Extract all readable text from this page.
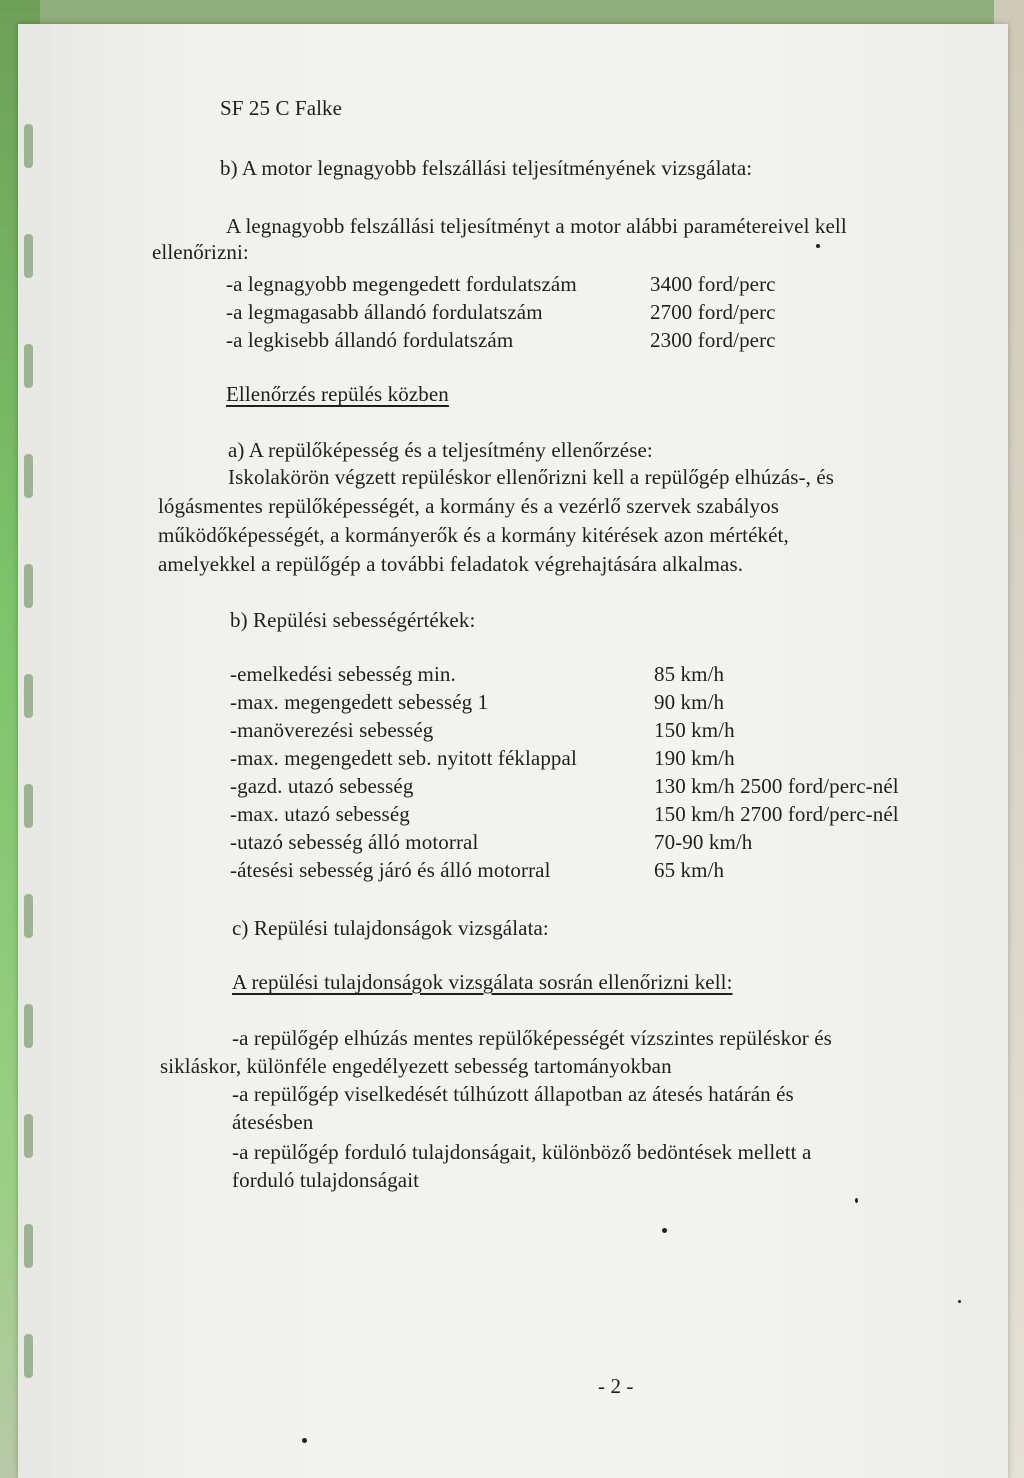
SF 25 C Falke
b) A motor legnagyobb felszállási teljesítményének vizsgálata:
A legnagyobb felszállási teljesítményt a motor alábbi paramétereivel kell
ellenőrizni:
-a legnagyobb megengedett fordulatszám	3400 ford/perc
-a legmagasabb állandó fordulatszám	2700 ford/perc
-a legkisebb állandó fordulatszám	2300 ford/perc
Ellenőrzés repülés közben
a) A repülőképesség és a teljesítmény ellenőrzése:
Iskolakörön végzett repüléskor ellenőrizni kell a repülőgép elhúzás-, és
lógásmentes repülőképességét, a kormány és a vezérlő szervek szabályos
működőképességét, a kormányerők és a kormány kitérések azon mértékét,
amelyekkel a repülőgép a további feladatok végrehajtására alkalmas.
b) Repülési sebességértékek:
-emelkedési sebesség min.	85 km/h
-max. megengedett sebesség 1	90 km/h
-manöverezési sebesség	150 km/h
-max. megengedett seb. nyitott féklappal	190 km/h
-gazd. utazó sebesség	130 km/h 2500 ford/perc-nél
-max. utazó sebesség	150 km/h 2700 ford/perc-nél
-utazó sebesség álló motorral	70-90 km/h
-átesési sebesség járó és álló motorral	65 km/h
c) Repülési tulajdonságok vizsgálata:
A repülési tulajdonságok vizsgálata sosrán ellenőrizni kell:
-a repülőgép elhúzás mentes repülőképességét vízszintes repüléskor és
sikláskor, különféle engedélyezett sebesség tartományokban
-a repülőgép viselkedését túlhúzott állapotban az átesés határán és
átesésben
-a repülőgép forduló tulajdonságait, különböző bedöntések mellett a
forduló tulajdonságait
- 2 -
